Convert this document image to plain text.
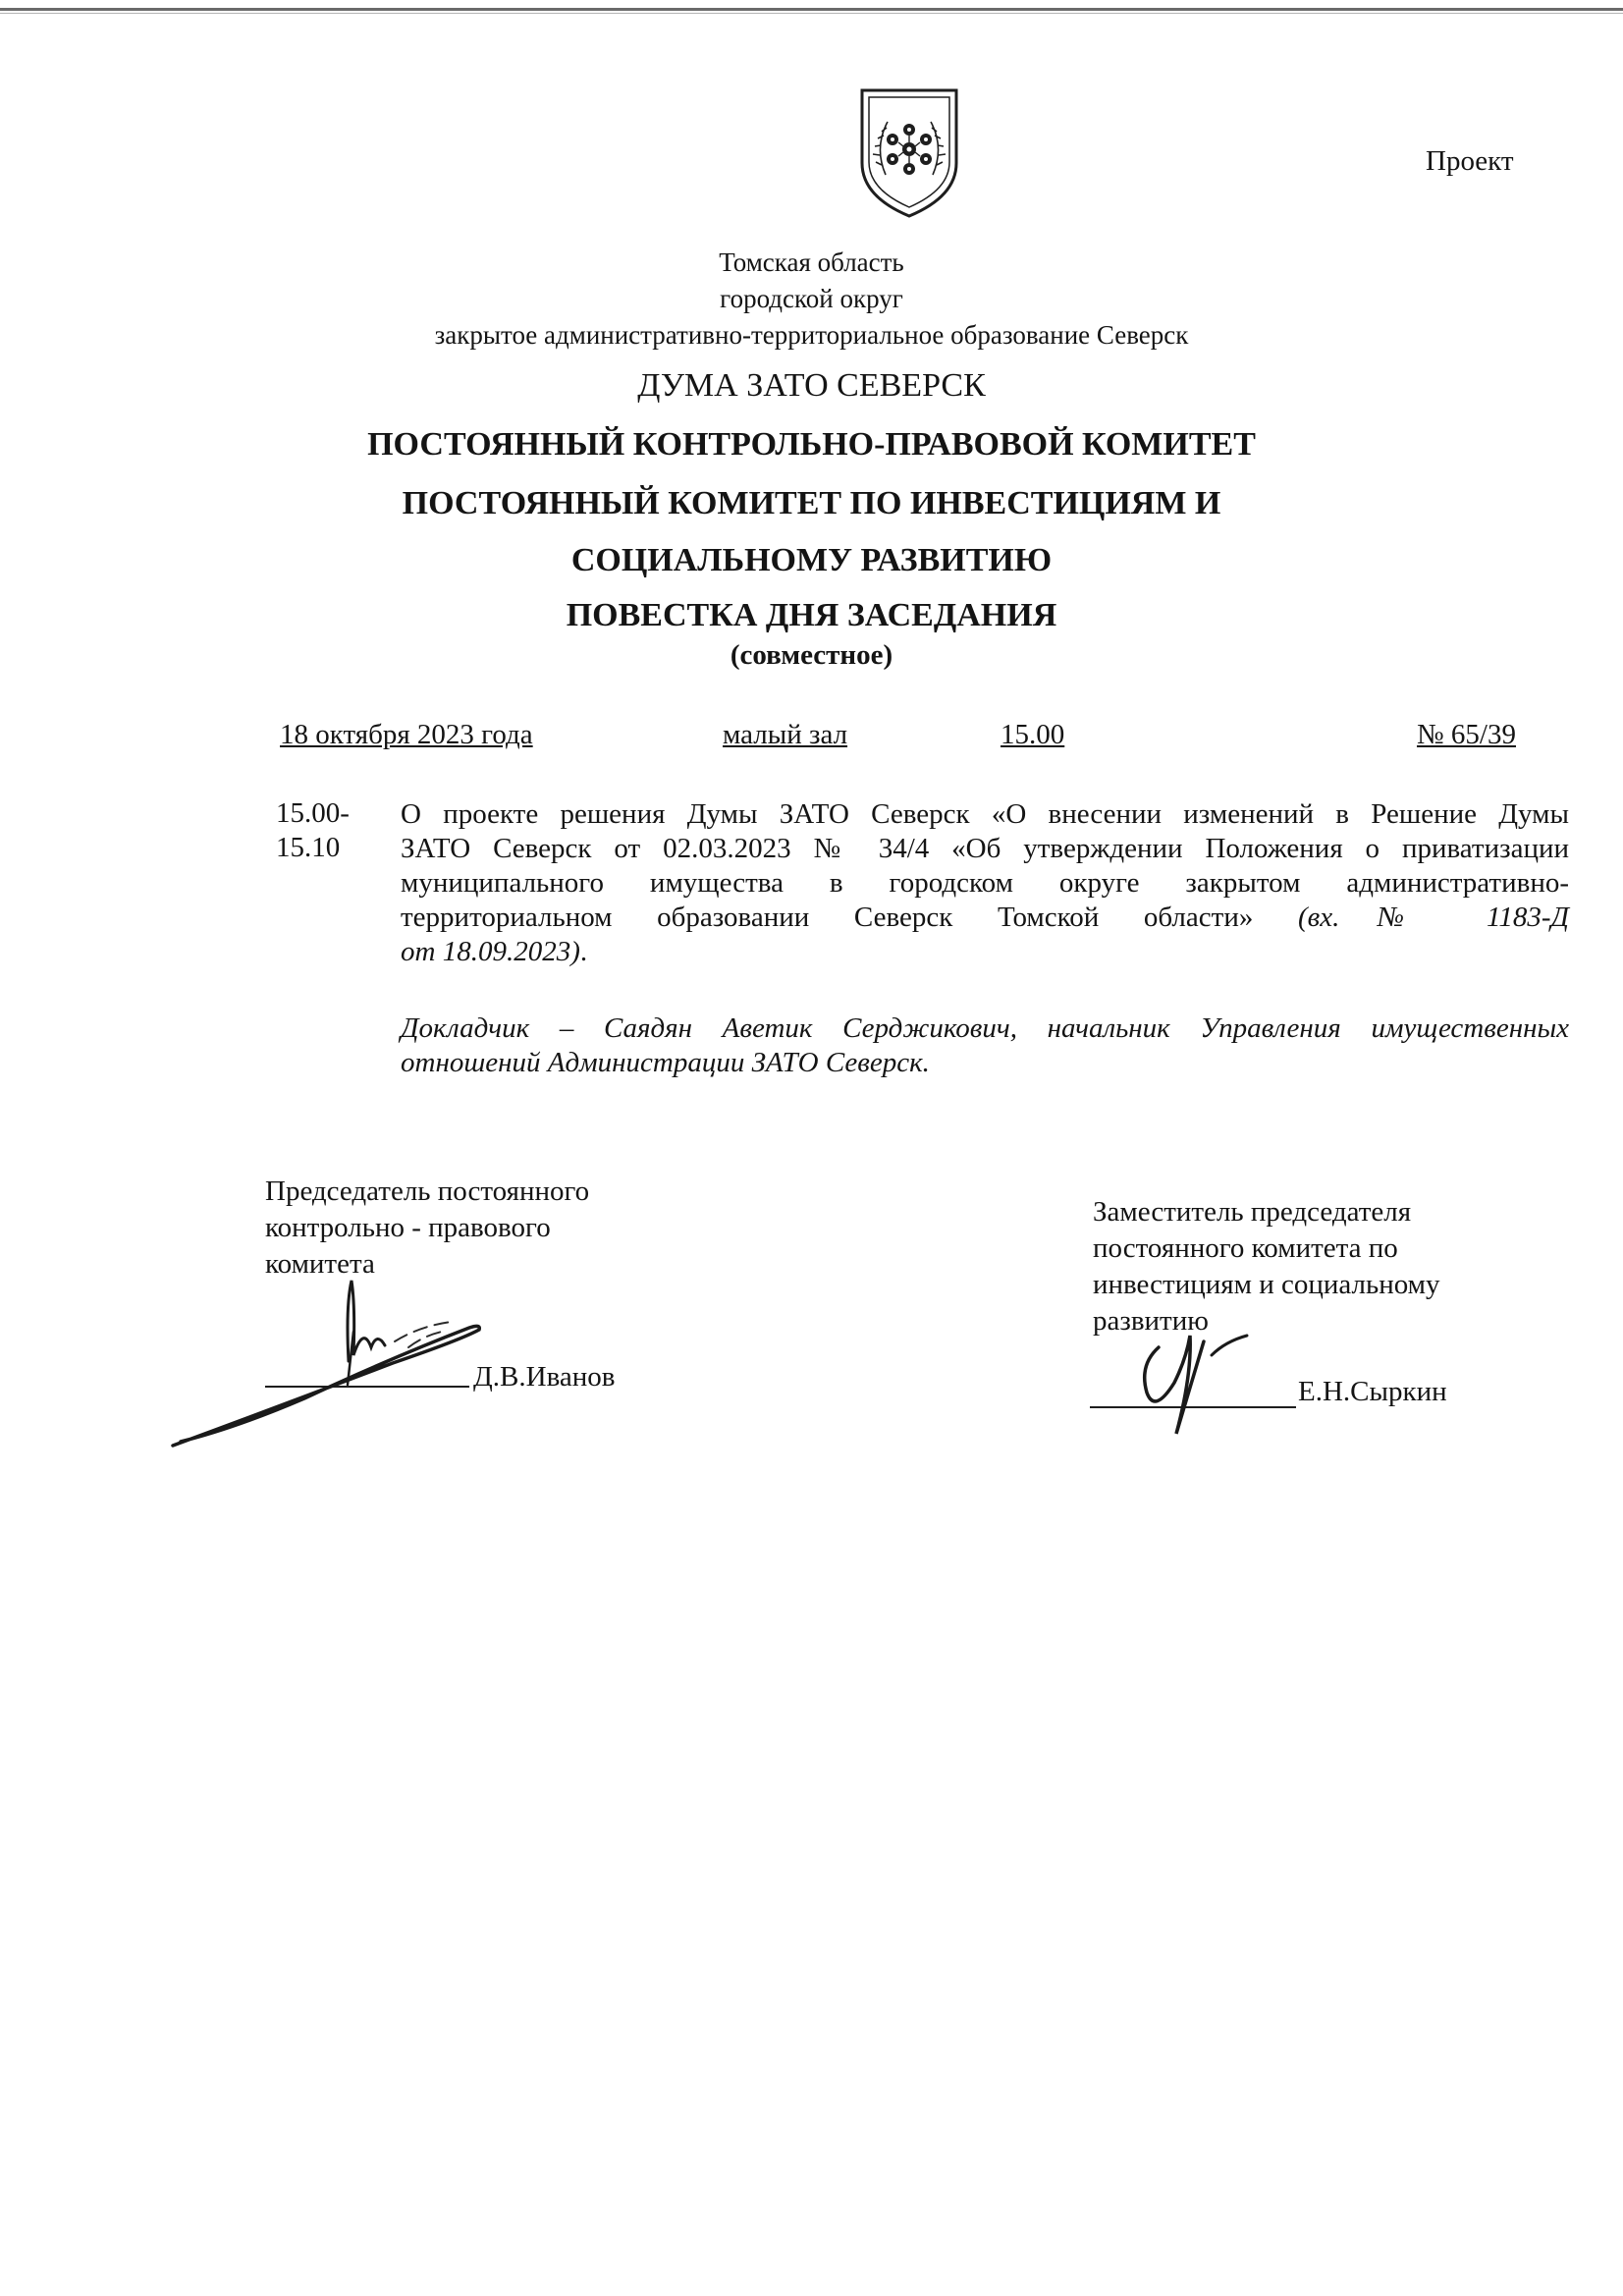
Проект
Томская область
городской округ
закрытое административно-территориальное образование Северск
ДУМА ЗАТО СЕВЕРСК
ПОСТОЯННЫЙ КОНТРОЛЬНО-ПРАВОВОЙ КОМИТЕТ
ПОСТОЯННЫЙ КОМИТЕТ ПО ИНВЕСТИЦИЯМ И
СОЦИАЛЬНОМУ РАЗВИТИЮ
ПОВЕСТКА ДНЯ ЗАСЕДАНИЯ
(совместное)
18 октября 2023 года	малый зал	15.00	№ 65/39
15.00-
15.10
О проекте решения Думы ЗАТО Северск «О внесении изменений в Решение Думы
ЗАТО Северск от 02.03.2023 № 34/4 «Об утверждении Положения о приватизации
муниципального имущества в городском округе закрытом административно-
территориальном образовании Северск Томской области» (вх.№ 1183-Д
от 18.09.2023).
Докладчик – Саядян Аветик Серджикович, начальник Управления имущественных
отношений Администрации ЗАТО Северск.
Председатель постоянного
контрольно - правового
комитета
Д.В.Иванов
Заместитель председателя
постоянного комитета по
инвестициям и социальному
развитию
Е.Н.Сыркин
